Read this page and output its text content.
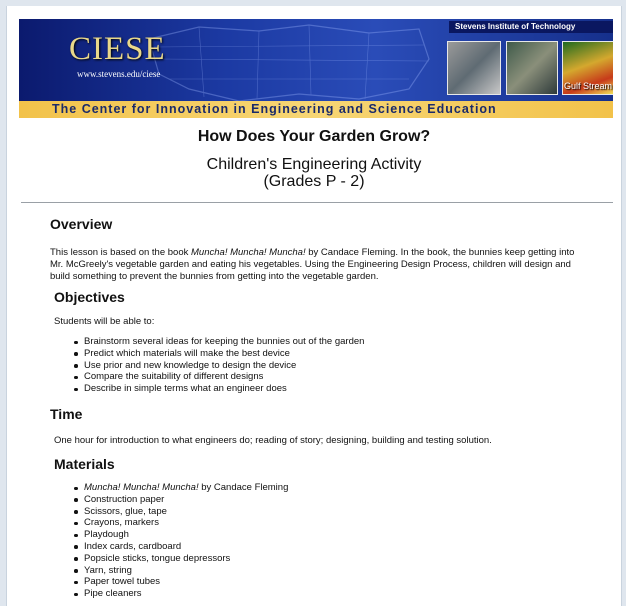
Stevens Institute of Technology
CIESE
www.stevens.edu/ciese
Gulf Stream
The Center for Innovation in Engineering and Science Education
How Does Your Garden Grow?
Children's Engineering Activity
(Grades P - 2)
Overview
This lesson is based on the book Muncha! Muncha! Muncha! by Candace Fleming. In the book, the bunnies keep getting into Mr. McGreely's vegetable garden and eating his vegetables. Using the Engineering Design Process, children will design and build something to prevent the bunnies from getting into the vegetable garden.
Objectives
Students will be able to:
Brainstorm several ideas for keeping the bunnies out of the garden
Predict which materials will make the best device
Use prior and new knowledge to design the device
Compare the suitability of different designs
Describe in simple terms what an engineer does
Time
One hour for introduction to what engineers do; reading of story; designing, building and testing solution.
Materials
Muncha! Muncha! Muncha! by Candace Fleming
Construction paper
Scissors, glue, tape
Crayons, markers
Playdough
Index cards, cardboard
Popsicle sticks, tongue depressors
Yarn, string
Paper towel tubes
Pipe cleaners
